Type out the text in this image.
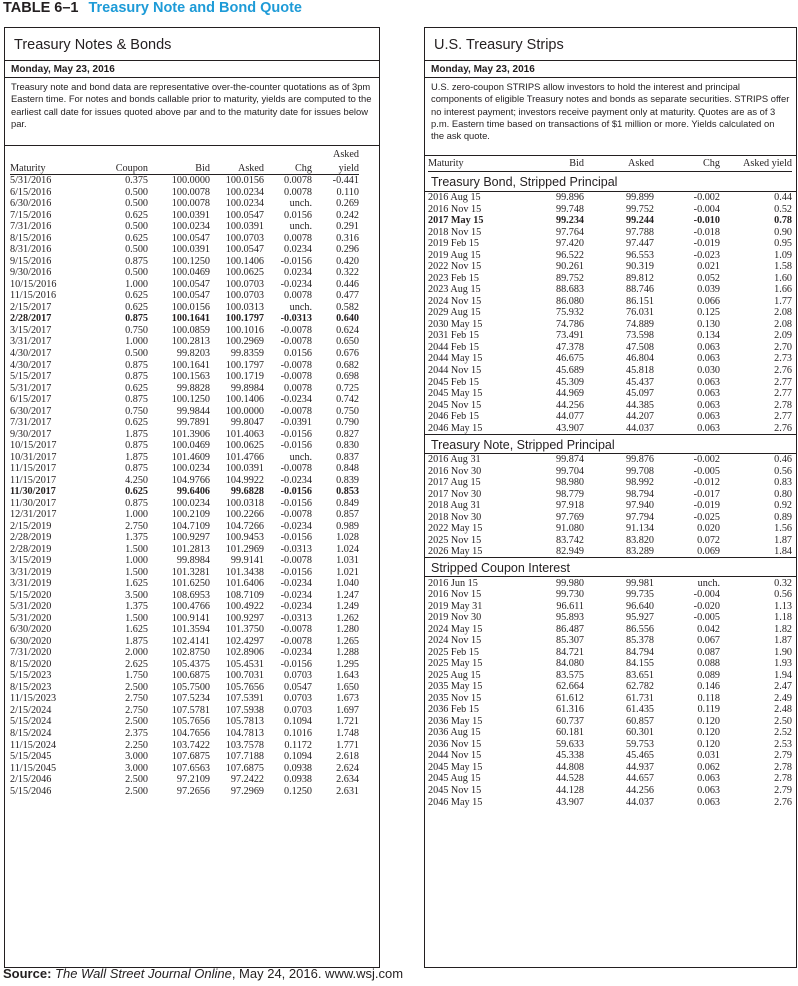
TABLE 6–1 Treasury Note and Bond Quote
Treasury Notes & Bonds
Monday, May 23, 2016
Treasury note and bond data are representative over-the-counter quotations as of 3pm Eastern time. For notes and bonds callable prior to maturity, yields are computed to the earliest call date for issues quoted above par and to the maturity date for issues below par.
					Asked
Maturity	Coupon	Bid	Asked	Chg	yield
5/31/2016	0.375	100.0000	100.0156	0.0078	-0.441
6/15/2016	0.500	100.0078	100.0234	0.0078	0.110
6/30/2016	0.500	100.0078	100.0234	unch.	0.269
7/15/2016	0.625	100.0391	100.0547	0.0156	0.242
7/31/2016	0.500	100.0234	100.0391	unch.	0.291
8/15/2016	0.625	100.0547	100.0703	0.0078	0.316
8/31/2016	0.500	100.0391	100.0547	0.0234	0.296
9/15/2016	0.875	100.1250	100.1406	-0.0156	0.420
9/30/2016	0.500	100.0469	100.0625	0.0234	0.322
10/15/2016	1.000	100.0547	100.0703	-0.0234	0.446
11/15/2016	0.625	100.0547	100.0703	0.0078	0.477
2/15/2017	0.625	100.0156	100.0313	unch.	0.582
2/28/2017	0.875	100.1641	100.1797	-0.0313	0.640
3/15/2017	0.750	100.0859	100.1016	-0.0078	0.624
3/31/2017	1.000	100.2813	100.2969	-0.0078	0.650
4/30/2017	0.500	99.8203	99.8359	0.0156	0.676
4/30/2017	0.875	100.1641	100.1797	-0.0078	0.682
5/15/2017	0.875	100.1563	100.1719	-0.0078	0.698
5/31/2017	0.625	99.8828	99.8984	0.0078	0.725
6/15/2017	0.875	100.1250	100.1406	-0.0234	0.742
6/30/2017	0.750	99.9844	100.0000	-0.0078	0.750
7/31/2017	0.625	99.7891	99.8047	-0.0391	0.790
9/30/2017	1.875	101.3906	101.4063	-0.0156	0.827
10/15/2017	0.875	100.0469	100.0625	-0.0156	0.830
10/31/2017	1.875	101.4609	101.4766	unch.	0.837
11/15/2017	0.875	100.0234	100.0391	-0.0078	0.848
11/15/2017	4.250	104.9766	104.9922	-0.0234	0.839
11/30/2017	0.625	99.6406	99.6828	-0.0156	0.853
11/30/2017	0.875	100.0234	100.0318	-0.0156	0.849
12/31/2017	1.000	100.2109	100.2266	-0.0078	0.857
2/15/2019	2.750	104.7109	104.7266	-0.0234	0.989
2/28/2019	1.375	100.9297	100.9453	-0.0156	1.028
2/28/2019	1.500	101.2813	101.2969	-0.0313	1.024
3/15/2019	1.000	99.8984	99.9141	-0.0078	1.031
3/31/2019	1.500	101.3281	101.3438	-0.0156	1.021
3/31/2019	1.625	101.6250	101.6406	-0.0234	1.040
5/15/2020	3.500	108.6953	108.7109	-0.0234	1.247
5/31/2020	1.375	100.4766	100.4922	-0.0234	1.249
5/31/2020	1.500	100.9141	100.9297	-0.0313	1.262
6/30/2020	1.625	101.3594	101.3750	-0.0078	1.280
6/30/2020	1.875	102.4141	102.4297	-0.0078	1.265
7/31/2020	2.000	102.8750	102.8906	-0.0234	1.288
8/15/2020	2.625	105.4375	105.4531	-0.0156	1.295
5/15/2023	1.750	100.6875	100.7031	0.0703	1.643
8/15/2023	2.500	105.7500	105.7656	0.0547	1.650
11/15/2023	2.750	107.5234	107.5391	0.0703	1.673
2/15/2024	2.750	107.5781	107.5938	0.0703	1.697
5/15/2024	2.500	105.7656	105.7813	0.1094	1.721
8/15/2024	2.375	104.7656	104.7813	0.1016	1.748
11/15/2024	2.250	103.7422	103.7578	0.1172	1.771
5/15/2045	3.000	107.6875	107.7188	0.1094	2.618
11/15/2045	3.000	107.6563	107.6875	0.0938	2.624
2/15/2046	2.500	97.2109	97.2422	0.0938	2.634
5/15/2046	2.500	97.2656	97.2969	0.1250	2.631
U.S. Treasury Strips
Monday, May 23, 2016
U.S. zero-coupon STRIPS allow investors to hold the interest and principal components of eligible Treasury notes and bonds as separate securities. STRIPS offer no interest payment; investors receive payment only at maturity. Quotes are as of 3 p.m. Eastern time based on transactions of $1 million or more. Yields calculated on the ask quote.
Maturity	Bid	Asked	Chg	Asked yield
Treasury Bond, Stripped Principal
2016 Aug 15	99.896	99.899	-0.002	0.44
2016 Nov 15	99.748	99.752	-0.004	0.52
2017 May 15	99.234	99.244	-0.010	0.78
2018 Nov 15	97.764	97.788	-0.018	0.90
2019 Feb 15	97.420	97.447	-0.019	0.95
2019 Aug 15	96.522	96.553	-0.023	1.09
2022 Nov 15	90.261	90.319	0.021	1.58
2023 Feb 15	89.752	89.812	0.052	1.60
2023 Aug 15	88.683	88.746	0.039	1.66
2024 Nov 15	86.080	86.151	0.066	1.77
2029 Aug 15	75.932	76.031	0.125	2.08
2030 May 15	74.786	74.889	0.130	2.08
2031 Feb 15	73.491	73.598	0.134	2.09
2044 Feb 15	47.378	47.508	0.063	2.70
2044 May 15	46.675	46.804	0.063	2.73
2044 Nov 15	45.689	45.818	0.030	2.76
2045 Feb 15	45.309	45.437	0.063	2.77
2045 May 15	44.969	45.097	0.063	2.77
2045 Nov 15	44.256	44.385	0.063	2.78
2046 Feb 15	44.077	44.207	0.063	2.77
2046 May 15	43.907	44.037	0.063	2.76
Treasury Note, Stripped Principal
2016 Aug 31	99.874	99.876	-0.002	0.46
2016 Nov 30	99.704	99.708	-0.005	0.56
2017 Aug 15	98.980	98.992	-0.012	0.83
2017 Nov 30	98.779	98.794	-0.017	0.80
2018 Aug 31	97.918	97.940	-0.019	0.92
2018 Nov 30	97.769	97.794	-0.025	0.89
2022 May 15	91.080	91.134	0.020	1.56
2025 Nov 15	83.742	83.820	0.072	1.87
2026 May 15	82.949	83.289	0.069	1.84
Stripped Coupon Interest
2016 Jun 15	99.980	99.981	unch.	0.32
2016 Nov 15	99.730	99.735	-0.004	0.56
2019 May 31	96.611	96.640	-0.020	1.13
2019 Nov 30	95.893	95.927	-0.005	1.18
2024 May 15	86.487	86.556	0.042	1.82
2024 Nov 15	85.307	85.378	0.067	1.87
2025 Feb 15	84.721	84.794	0.087	1.90
2025 May 15	84.080	84.155	0.088	1.93
2025 Aug 15	83.575	83.651	0.089	1.94
2035 May 15	62.664	62.782	0.146	2.47
2035 Nov 15	61.612	61.731	0.118	2.49
2036 Feb 15	61.316	61.435	0.119	2.48
2036 May 15	60.737	60.857	0.120	2.50
2036 Aug 15	60.181	60.301	0.120	2.52
2036 Nov 15	59.633	59.753	0.120	2.53
2044 Nov 15	45.338	45.465	0.031	2.79
2045 May 15	44.808	44.937	0.062	2.78
2045 Aug 15	44.528	44.657	0.063	2.78
2045 Nov 15	44.128	44.256	0.063	2.79
2046 May 15	43.907	44.037	0.063	2.76
Source: The Wall Street Journal Online, May 24, 2016. www.wsj.com
